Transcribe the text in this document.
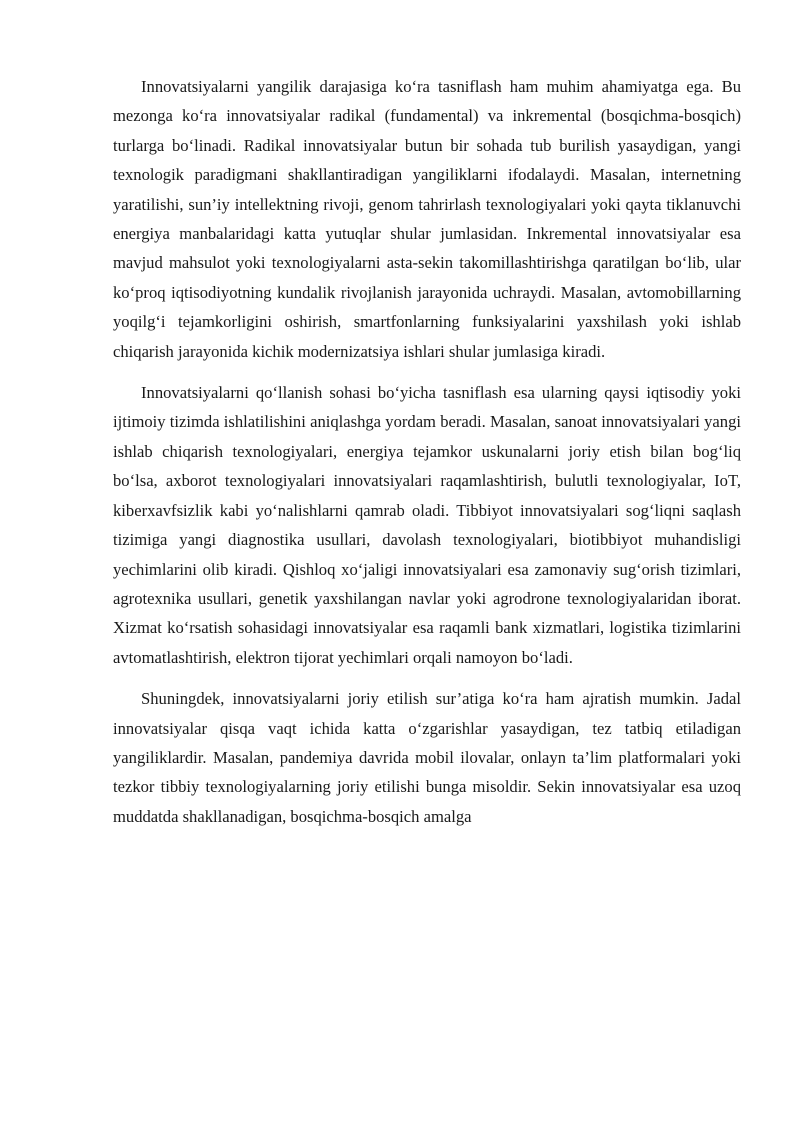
Innovatsiyalarni yangilik darajasiga ko‘ra tasniflash ham muhim ahamiyatga ega. Bu mezonga ko‘ra innovatsiyalar radikal (fundamental) va inkremental (bosqichma-bosqich) turlarga bo‘linadi. Radikal innovatsiyalar butun bir sohada tub burilish yasaydigan, yangi texnologik paradigmani shakllantiradigan yangiliklarni ifodalaydi. Masalan, internetning yaratilishi, sun’iy intellektning rivoji, genom tahrirlash texnologiyalari yoki qayta tiklanuvchi energiya manbalaridagi katta yutuqlar shular jumlasidan. Inkremental innovatsiyalar esa mavjud mahsulot yoki texnologiyalarni asta-sekin takomillashtirishga qaratilgan bo‘lib, ular ko‘proq iqtisodiyotning kundalik rivojlanish jarayonida uchraydi. Masalan, avtomobillarning yoqilg‘i tejamkorligini oshirish, smartfonlarning funksiyalarini yaxshilash yoki ishlab chiqarish jarayonida kichik modernizatsiya ishlari shular jumlasiga kiradi.

Innovatsiyalarni qo‘llanish sohasi bo‘yicha tasniflash esa ularning qaysi iqtisodiy yoki ijtimoiy tizimda ishlatilishini aniqlashga yordam beradi. Masalan, sanoat innovatsiyalari yangi ishlab chiqarish texnologiyalari, energiya tejamkor uskunalarni joriy etish bilan bog‘liq bo‘lsa, axborot texnologiyalari innovatsiyalari raqamlashtirish, bulutli texnologiyalar, IoT, kiberxavfsizlik kabi yo‘nalishlarni qamrab oladi. Tibbiyot innovatsiyalari sog‘liqni saqlash tizimiga yangi diagnostika usullari, davolash texnologiyalari, biotibbiyot muhandisligi yechimlarini olib kiradi. Qishloq xo‘jaligi innovatsiyalari esa zamonaviy sug‘orish tizimlari, agrotexnika usullari, genetik yaxshilangan navlar yoki agrodrone texnologiyalaridan iborat. Xizmat ko‘rsatish sohasidagi innovatsiyalar esa raqamli bank xizmatlari, logistika tizimlarini avtomatlashtirish, elektron tijorat yechimlari orqali namoyon bo‘ladi.

Shuningdek, innovatsiyalarni joriy etilish sur’atiga ko‘ra ham ajratish mumkin. Jadal innovatsiyalar qisqa vaqt ichida katta o‘zgarishlar yasaydigan, tez tatbiq etiladigan yangiliklardir. Masalan, pandemiya davrida mobil ilovalar, onlayn ta’lim platformalari yoki tezkor tibbiy texnologiyalarning joriy etilishi bunga misoldir. Sekin innovatsiyalar esa uzoq muddatda shakllanadigan, bosqichma-bosqich amalga
